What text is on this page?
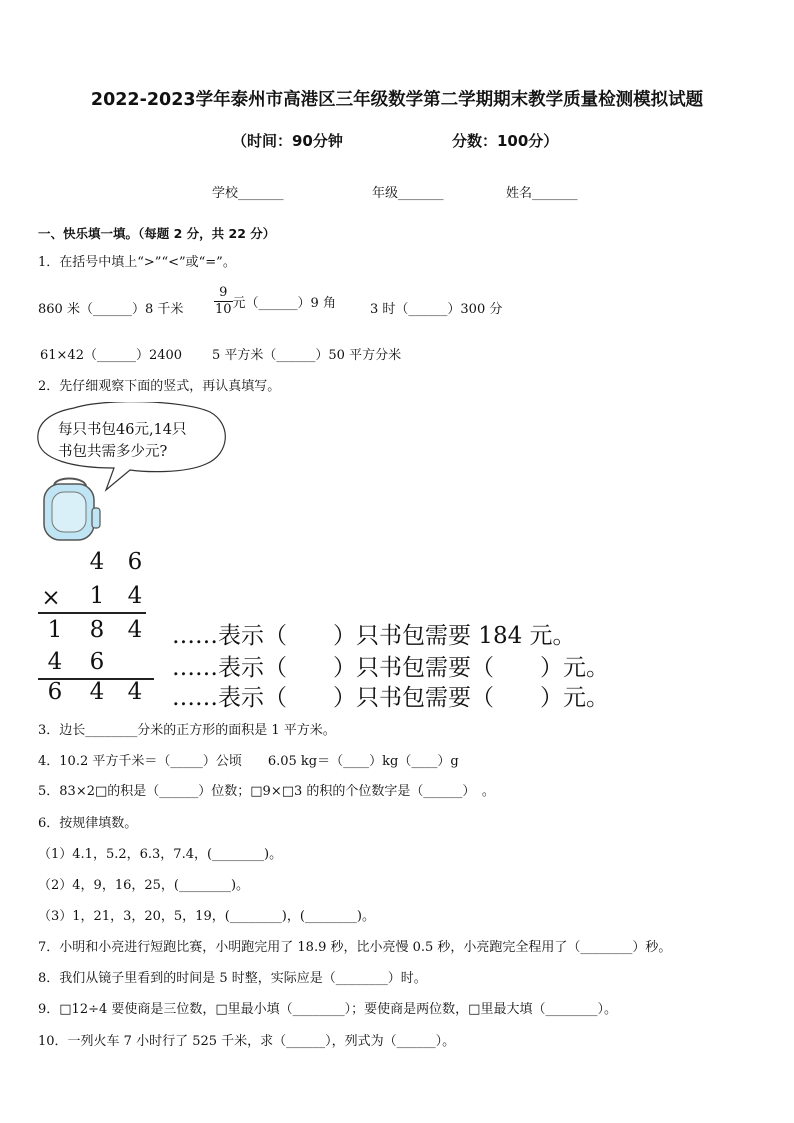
2022-2023学年泰州市高港区三年级数学第二学期期末教学质量检测模拟试题
（时间：90分钟	分数：100分）
学校_______	年级_______	姓名_______
一、快乐填一填。（每题 2 分，共 22 分）
1．在括号中填上“>”“<”或“=”。
860 米（______）8 千米 $\frac{9}{10}$ 元（______）9 角	3 时（______）300 分
61×42（______）2400 5 平方米（______）50 平方分米
2．先仔细观察下面的竖式，再认真填写。
每只书包46元,14只
书包共需多少元?
4 6
× 1 4
1 8 4
4 6
6 4 4
……表示（　　）只书包需要 184 元。
……表示（　　）只书包需要（　　）元。
……表示（　　）只书包需要（　　）元。
3．边长________分米的正方形的面积是 1 平方米。
4．10.2 平方千米＝（_____）公顷　　6.05 kg＝（____）kg（____）g
5．83×2□的积是（______）位数；□9×□3 的积的个位数字是（______）　。
6．按规律填数。
（1）4.1，5.2，6.3，7.4，(________)。
（2）4，9，16，25，(________)。
（3）1，21，3，20，5，19，(________)，(________)。
7．小明和小亮进行短跑比赛，小明跑完用了 18.9 秒，比小亮慢 0.5 秒，小亮跑完全程用了（________）秒。
8．我们从镜子里看到的时间是 5 时整，实际应是（________）时。
9．□12÷4 要使商是三位数，□里最小填（________）；要使商是两位数，□里最大填（________）。
10．一列火车 7 小时行了 525 千米，求（______），列式为（______）。
